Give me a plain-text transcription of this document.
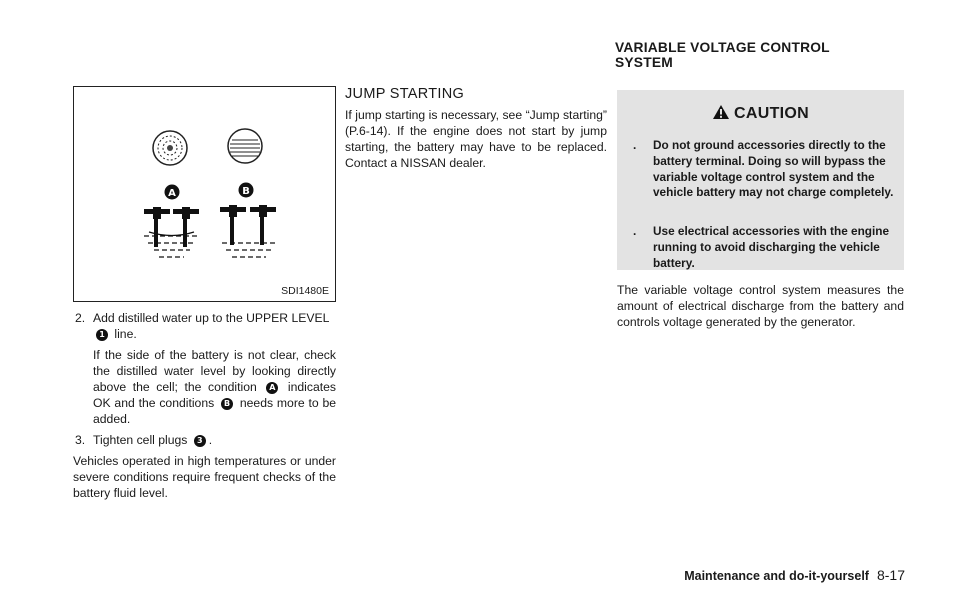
A	B
SDI1480E
2. Add distilled water up to the UPPER LEVEL
1 line.
If the side of the battery is not clear, check the distilled water level by looking directly above the cell; the condition A indicates OK and the conditions B needs more to be added.
3. Tighten cell plugs 3 .

Vehicles operated in high temperatures or under severe conditions require frequent checks of the battery fluid level.

JUMP STARTING
If jump starting is necessary, see “Jump starting” (P.6-14). If the engine does not start by jump starting, the battery may have to be replaced. Contact a NISSAN dealer.
VARIABLE VOLTAGE CONTROL
SYSTEM
CAUTION
.	Do not ground accessories directly to the battery terminal. Doing so will bypass the variable voltage control system and the vehicle battery may not charge completely.
.	Use electrical accessories with the engine running to avoid discharging the vehicle battery.
The variable voltage control system measures the amount of electrical discharge from the battery and controls voltage generated by the generator.
Maintenance and do-it-yourself 8-17
